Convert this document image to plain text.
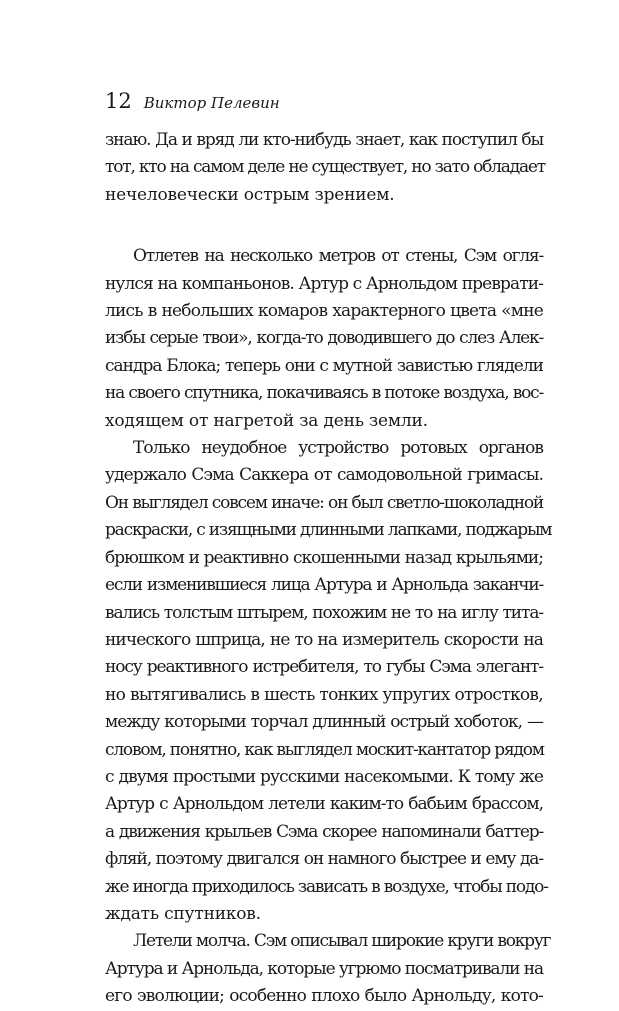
12 Виктор Пелевин
знаю. Да и вряд ли кто-нибудь знает, как поступил бы
тот, кто на самом деле не существует, но зато обладает
нечеловечески острым зрением.
Отлетев на несколько метров от стены, Сэм огля-
нулся на компаньонов. Артур с Арнольдом преврати-
лись в небольших комаров характерного цвета «мне
избы серые твои», когда-то доводившего до слез Алек-
сандра Блока; теперь они с мутной завистью глядели
на своего спутника, покачиваясь в потоке воздуха, вос-
ходящем от нагретой за день земли.
Только неудобное устройство ротовых органов
удержало Сэма Саккера от самодовольной гримасы.
Он выглядел совсем иначе: он был светло-шоколадной
раскраски, с изящными длинными лапками, поджарым
брюшком и реактивно скошенными назад крыльями;
если изменившиеся лица Артура и Арнольда заканчи-
вались толстым штырем, похожим не то на иглу тита-
нического шприца, не то на измеритель скорости на
носу реактивного истребителя, то губы Сэма элегант-
но вытягивались в шесть тонких упругих отростков,
между которыми торчал длинный острый хоботок, —
словом, понятно, как выглядел москит-кантатор рядом
с двумя простыми русскими насекомыми. К тому же
Артур с Арнольдом летели каким-то бабьим брассом,
а движения крыльев Сэма скорее напоминали баттер-
фляй, поэтому двигался он намного быстрее и ему да-
же иногда приходилось зависать в воздухе, чтобы подо-
ждать спутников.
Летели молча. Сэм описывал широкие круги вокруг
Артура и Арнольда, которые угрюмо посматривали на
его эволюции; особенно плохо было Арнольду, кото-
